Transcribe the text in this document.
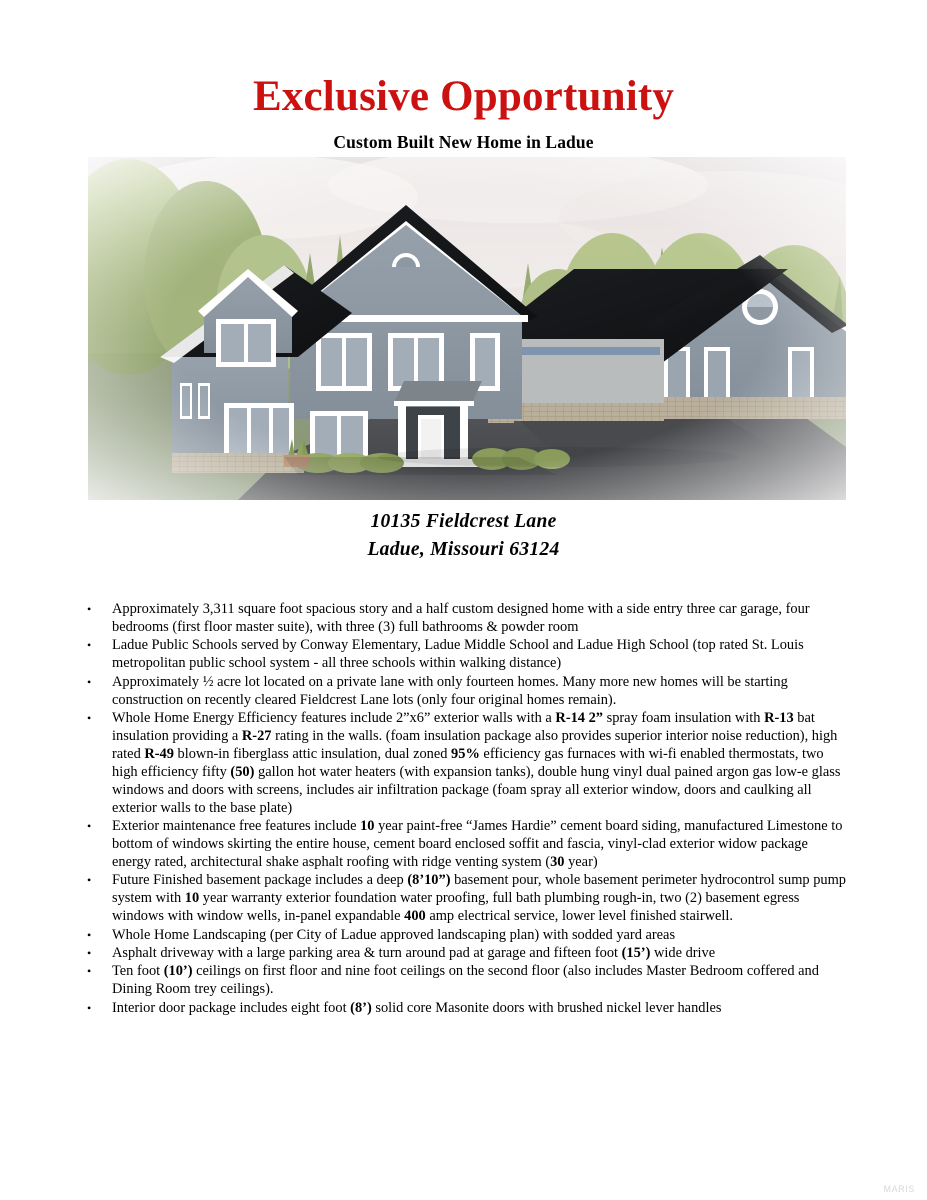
Exclusive Opportunity
Custom Built New Home in Ladue
10135 Fieldcrest Lane
Ladue, Missouri 63124
• Approximately 3,311 square foot spacious story and a half custom designed home with a side entry three car garage, four bedrooms (first floor master suite), with three (3) full bathrooms & powder room
• Ladue Public Schools served by Conway Elementary, Ladue Middle School and Ladue High School (top rated St. Louis metropolitan public school system - all three schools within walking distance)
• Approximately ½ acre lot located on a private lane with only fourteen homes. Many more new homes will be starting construction on recently cleared Fieldcrest Lane lots (only four original homes remain).
• Whole Home Energy Efficiency features include 2”x6” exterior walls with a R-14 2” spray foam insulation with R-13 bat insulation providing a R-27 rating in the walls. (foam insulation package also provides superior interior noise reduction), high rated R-49 blown-in fiberglass attic insulation, dual zoned 95% efficiency gas furnaces with wi-fi enabled thermostats, two high efficiency fifty (50) gallon hot water heaters (with expansion tanks), double hung vinyl dual pained argon gas low-e glass windows and doors with screens, includes air infiltration package (foam spray all exterior window, doors and caulking all exterior walls to the base plate)
• Exterior maintenance free features include 10 year paint-free “James Hardie” cement board siding, manufactured Limestone to bottom of windows skirting the entire house, cement board enclosed soffit and fascia, vinyl-clad exterior widow package energy rated, architectural shake asphalt roofing with ridge venting system (30 year)
• Future Finished basement package includes a deep (8’10”) basement pour, whole basement perimeter hydrocontrol sump pump system with 10 year warranty exterior foundation water proofing, full bath plumbing rough-in, two (2) basement egress windows with window wells, in-panel expandable 400 amp electrical service, lower level finished stairwell.
• Whole Home Landscaping (per City of Ladue approved landscaping plan) with sodded yard areas
• Asphalt driveway with a large parking area & turn around pad at garage and fifteen foot (15’) wide drive
• Ten foot (10’) ceilings on first floor and nine foot ceilings on the second floor (also includes Master Bedroom coffered and Dining Room trey ceilings).
• Interior door package includes eight foot (8’) solid core Masonite doors with brushed nickel lever handles
MARIS
